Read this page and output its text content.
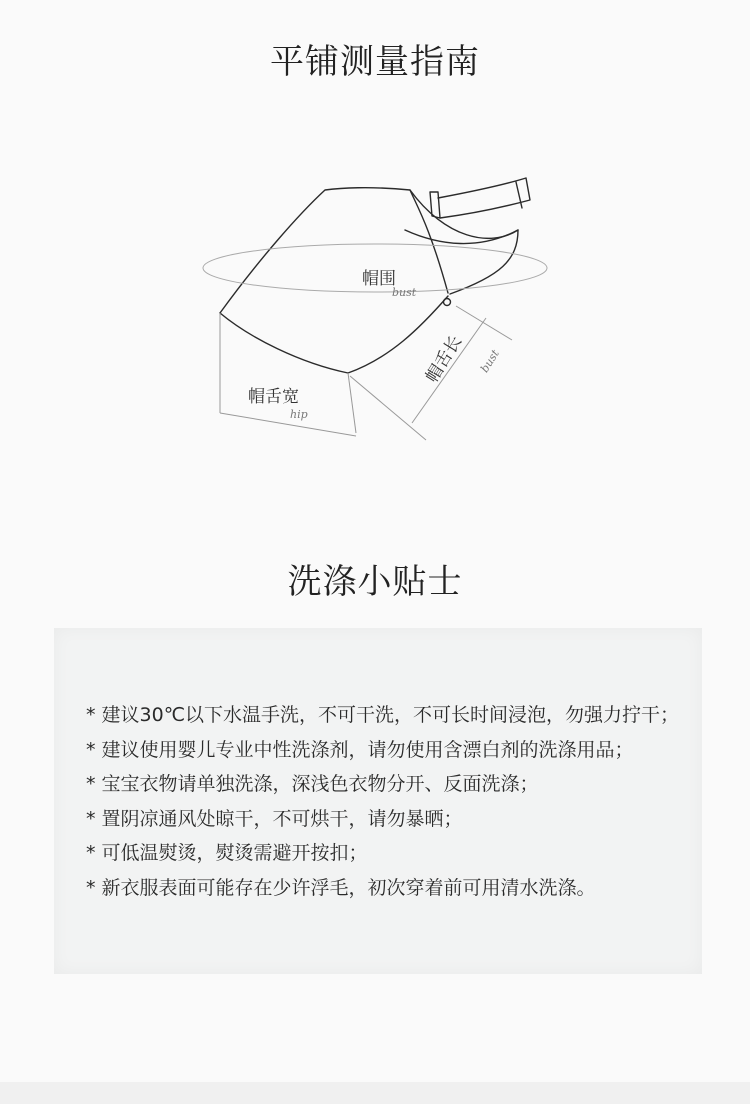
平铺测量指南
帽围
bust
帽舌长 bust
帽舌宽
hip
洗涤小贴士
* 建议30℃以下水温手洗，不可干洗，不可长时间浸泡，勿强力拧干；
* 建议使用婴儿专业中性洗涤剂，请勿使用含漂白剂的洗涤用品；
* 宝宝衣物请单独洗涤，深浅色衣物分开、反面洗涤；
* 置阴凉通风处晾干，不可烘干，请勿暴晒；
* 可低温熨烫，熨烫需避开按扣；
* 新衣服表面可能存在少许浮毛，初次穿着前可用清水洗涤。
